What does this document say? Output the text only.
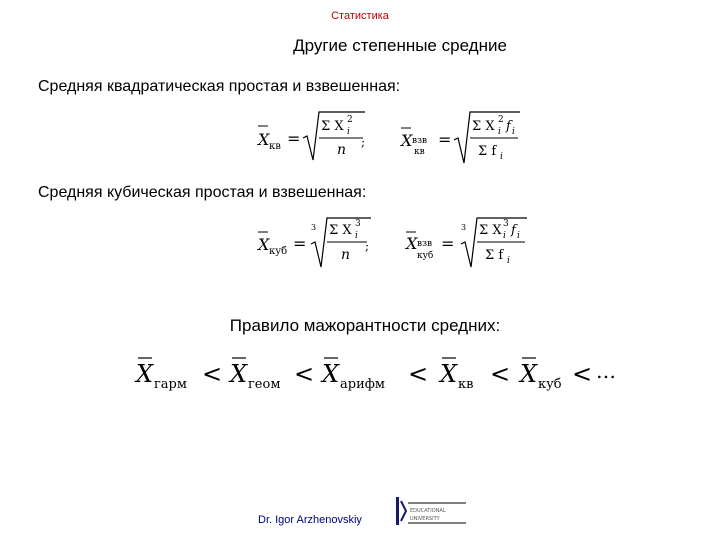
Статистика
Другие степенные средние
Средняя квадратическая простая и взвешенная:
X кв =
Σ X 2
i
n ; X взв
кв
=
Σ X 2
i f i
Σ f i
Средняя кубическая простая и взвешенная:
X куб =
3 Σ X 3
i
n
; X взв
куб
=
3 Σ X 3
i f i
Σ f i
Правило мажорантности средних:
X гарм < X геом < X арифм < X кв < X куб < …
Dr. Igor Arzhenovskiy
EDUCATIONAL
UNIVERSITY
